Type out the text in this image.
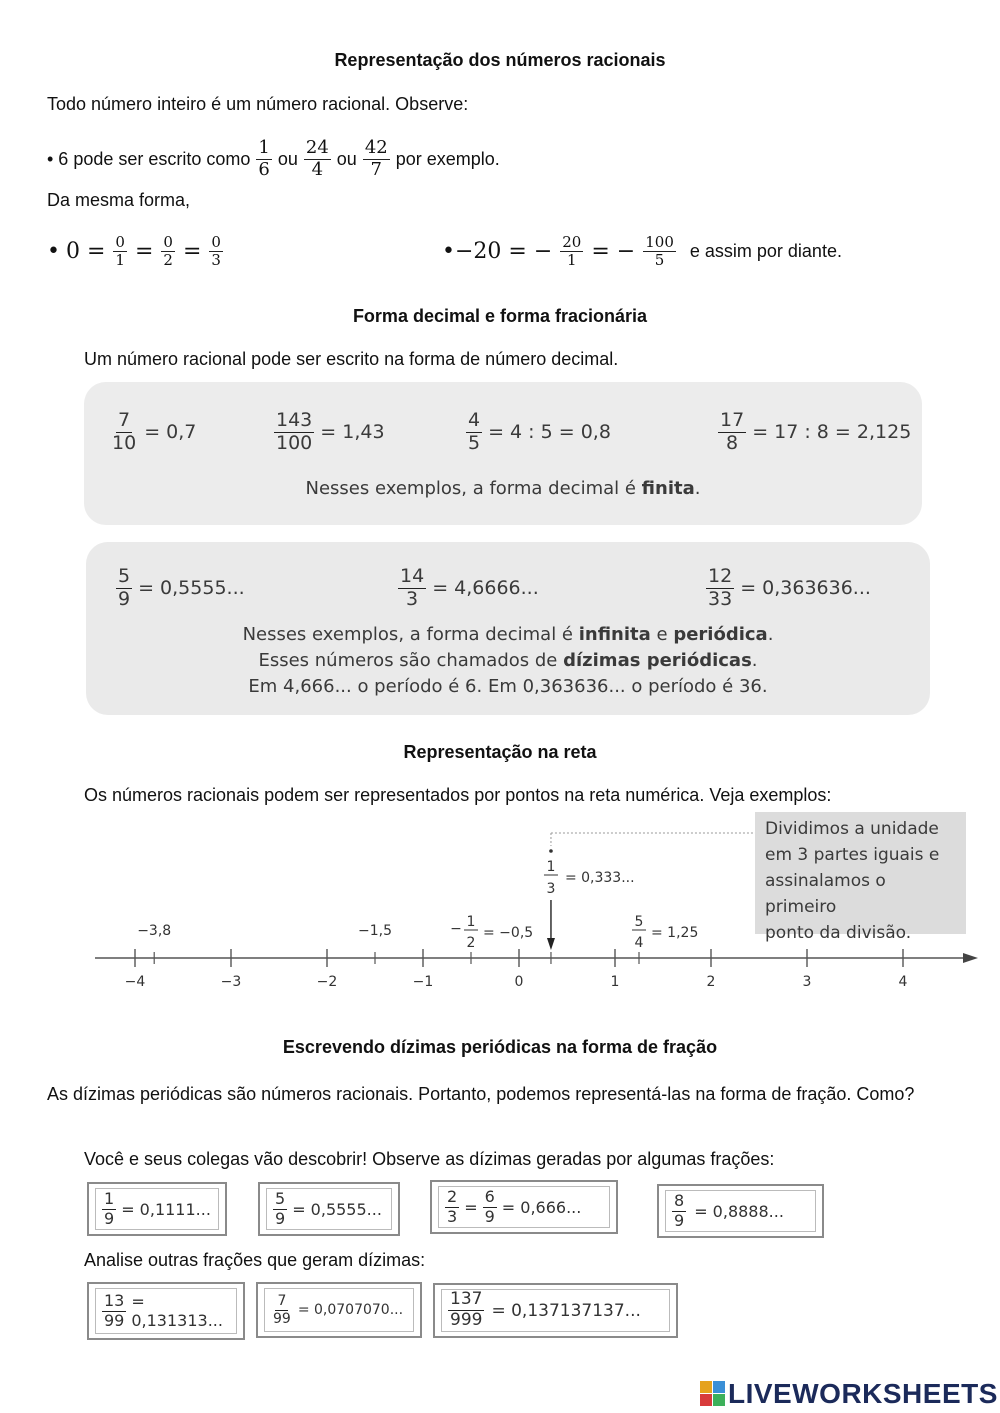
Representação dos números racionais
Todo número inteiro é um número racional. Observe:
• 6 pode ser escrito como $\frac{1}{6}$ ou $\frac{24}{4}$ ou $\frac{42}{7}$ por exemplo.
Da mesma forma,
• $0 = \frac{0}{1} = \frac{0}{2} = \frac{0}{3}$	•−20 = − $\frac{20}{1}$ = − $\frac{100}{5}$ e assim por diante.
Forma decimal e forma fracionária
Um número racional pode ser escrito na forma de número decimal.
$\frac{7}{10} = 0,7$	$\frac{143}{100} = 1,43$	$\frac{4}{5} = 4$ : 5 = 0,8	$\frac{17}{8} = 17$ : 8 = 2,125
Nesses exemplos, a forma decimal é finita.
$\frac{5}{9} = 0,5555$...	$\frac{14}{3} = 4,6666$...	$\frac{12}{33} = 0,363636$...
Nesses exemplos, a forma decimal é infinita e periódica.
Esses números são chamados de dízimas periódicas.
Em 4,666... o período é 6. Em 0,363636... o período é 36.
Representação na reta
Os números racionais podem ser representados por pontos na reta numérica. Veja exemplos:
Dividimos a unidade
em 3 partes iguais e
assinalamos o primeiro
ponto da divisão.
−4	−3	−2	−1	0	1	2	3	4
−3,8	−1,5	− 1
2
= −0,5
1
3
= 0,333...
5
4
= 1,25
Escrevendo dízimas periódicas na forma de fração
As dízimas periódicas são números racionais. Portanto, podemos representá-las na forma de fração. Como?
Você e seus colegas vão descobrir! Observe as dízimas geradas por algumas frações:
$\frac{1}{9} = 0,1111$...	$\frac{5}{9} = 0,5555$...	$\frac{2}{3} = \frac{6}{9} = 0,666$...	$\frac{8}{9} = 0,8888$...
Analise outras frações que geram dízimas:
$\frac{13}{99} = 0,131313$...	$\frac{7}{99} = 0,0707070$...	$\frac{137}{999} = 0,137137137$...
LIVEWORKSHEETS
